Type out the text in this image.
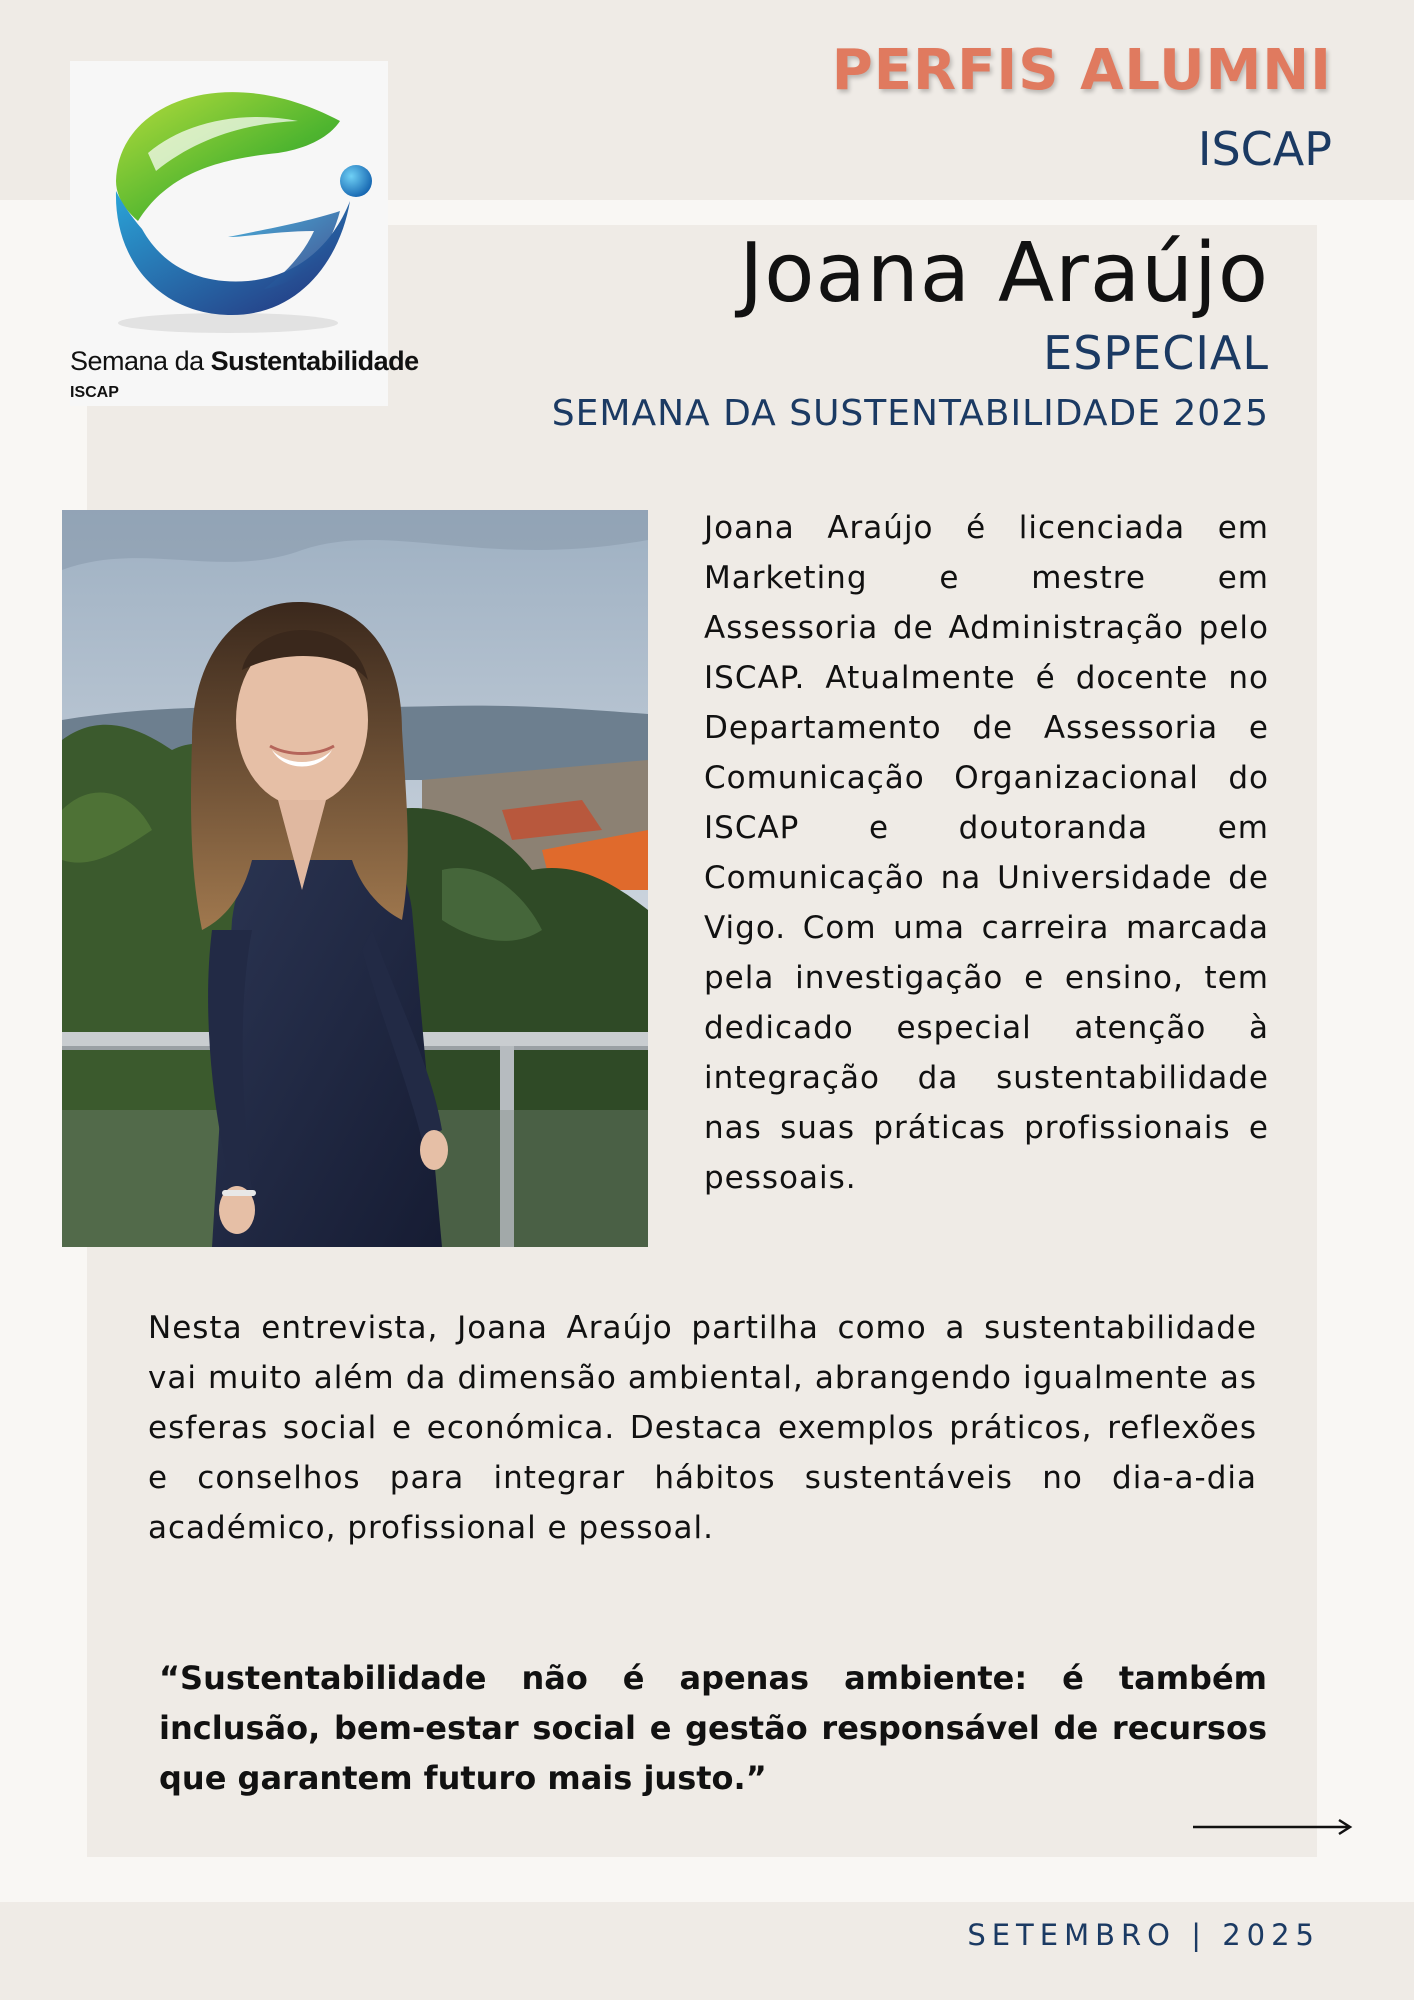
Semana da Sustentabilidade
ISCAP
PERFIS ALUMNI
ISCAP
Joana Araújo
ESPECIAL
SEMANA DA SUSTENTABILIDADE 2025

Joana Araújo é licenciada em Marketing e mestre em Assessoria de Administração pelo ISCAP. Atualmente é docente no Departamento de Assessoria e Comunicação Organizacional do ISCAP e doutoranda em Comunicação na Universidade de Vigo. Com uma carreira marcada pela investigação e ensino, tem dedicado especial atenção à integração da sustentabilidade nas suas práticas profissionais e pessoais.

Nesta entrevista, Joana Araújo partilha como a sustentabilidade vai muito além da dimensão ambiental, abrangendo igualmente as esferas social e económica. Destaca exemplos práticos, reflexões e conselhos para integrar hábitos sustentáveis no dia-a-dia académico, profissional e pessoal.

“Sustentabilidade não é apenas ambiente: é também inclusão, bem-estar social e gestão responsável de recursos que garantem futuro mais justo.”

SETEMBRO | 2025
